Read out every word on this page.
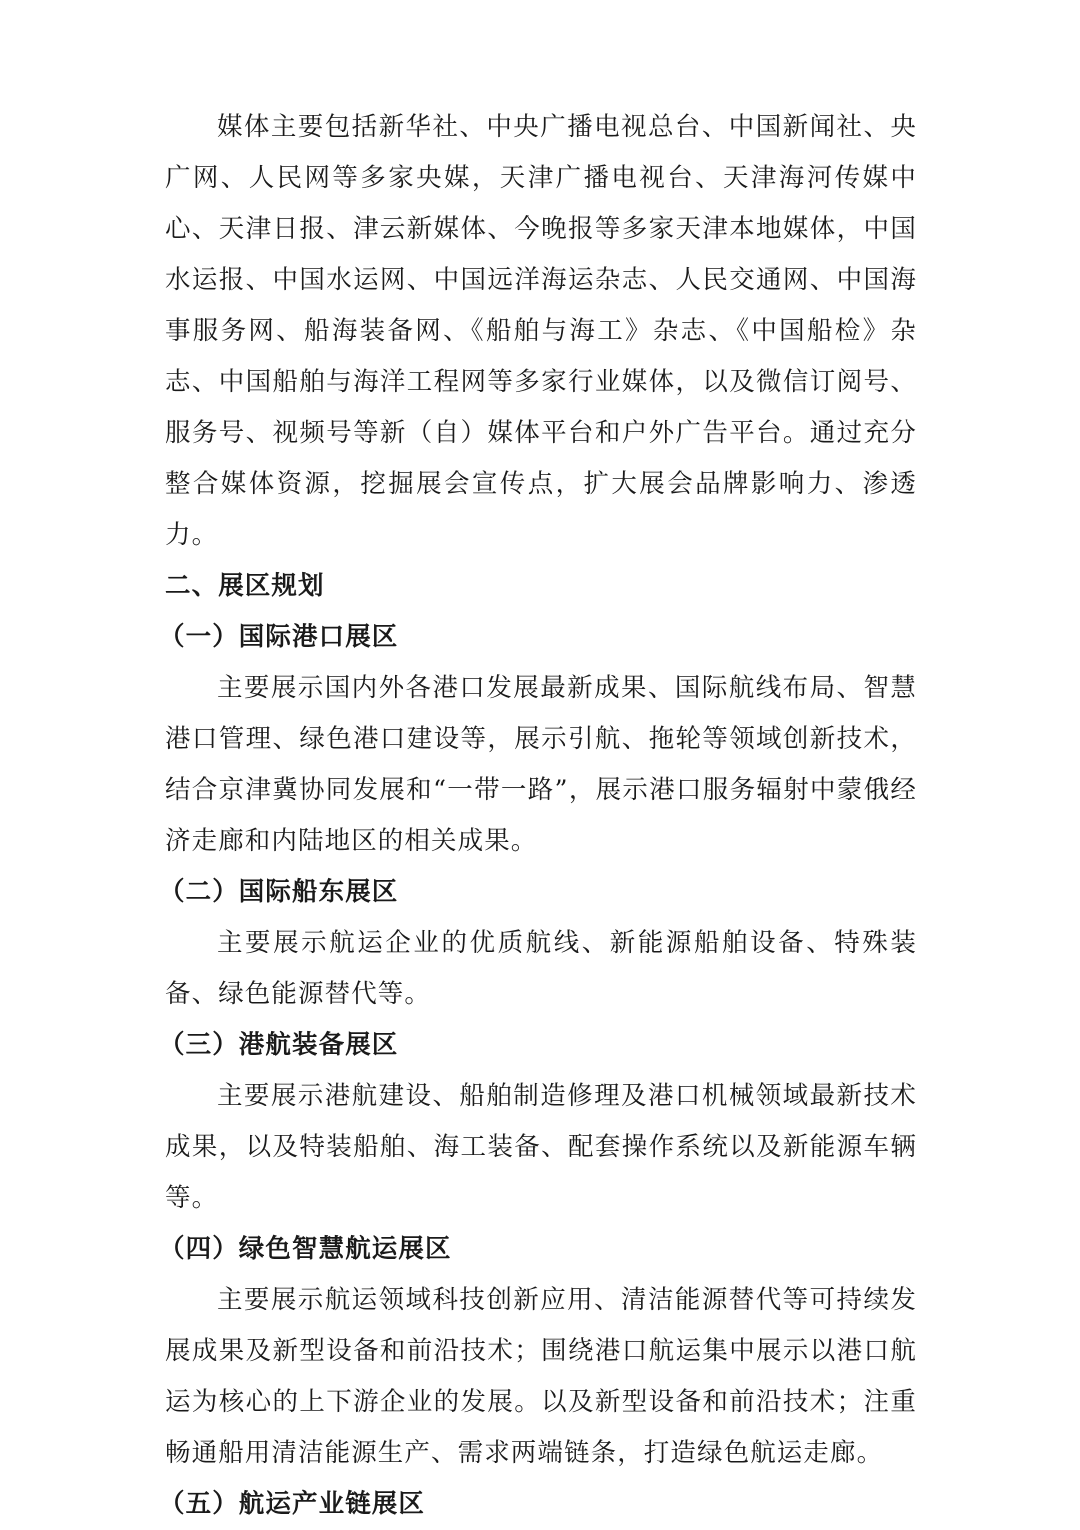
媒体主要包括新华社、中央广播电视总台、中国新闻社、央广网、人民网等多家央媒，天津广播电视台、天津海河传媒中心、天津日报、津云新媒体、今晚报等多家天津本地媒体，中国水运报、中国水运网、中国远洋海运杂志、人民交通网、中国海事服务网、船海装备网、《船舶与海工》杂志、《中国船检》杂志、中国船舶与海洋工程网等多家行业媒体，以及微信订阅号、服务号、视频号等新（自）媒体平台和户外广告平台。通过充分整合媒体资源，挖掘展会宣传点，扩大展会品牌影响力、渗透力。

二、展区规划

（一）国际港口展区

主要展示国内外各港口发展最新成果、国际航线布局、智慧港口管理、绿色港口建设等，展示引航、拖轮等领域创新技术，结合京津冀协同发展和“一带一路”，展示港口服务辐射中蒙俄经济走廊和内陆地区的相关成果。

（二）国际船东展区

主要展示航运企业的优质航线、新能源船舶设备、特殊装备、绿色能源替代等。

（三）港航装备展区

主要展示港航建设、船舶制造修理及港口机械领域最新技术成果，以及特装船舶、海工装备、配套操作系统以及新能源车辆等。

（四）绿色智慧航运展区

主要展示航运领域科技创新应用、清洁能源替代等可持续发展成果及新型设备和前沿技术；围绕港口航运集中展示以港口航运为核心的上下游企业的发展。以及新型设备和前沿技术；注重畅通船用清洁能源生产、需求两端链条，打造绿色航运走廊。

（五）航运产业链展区
